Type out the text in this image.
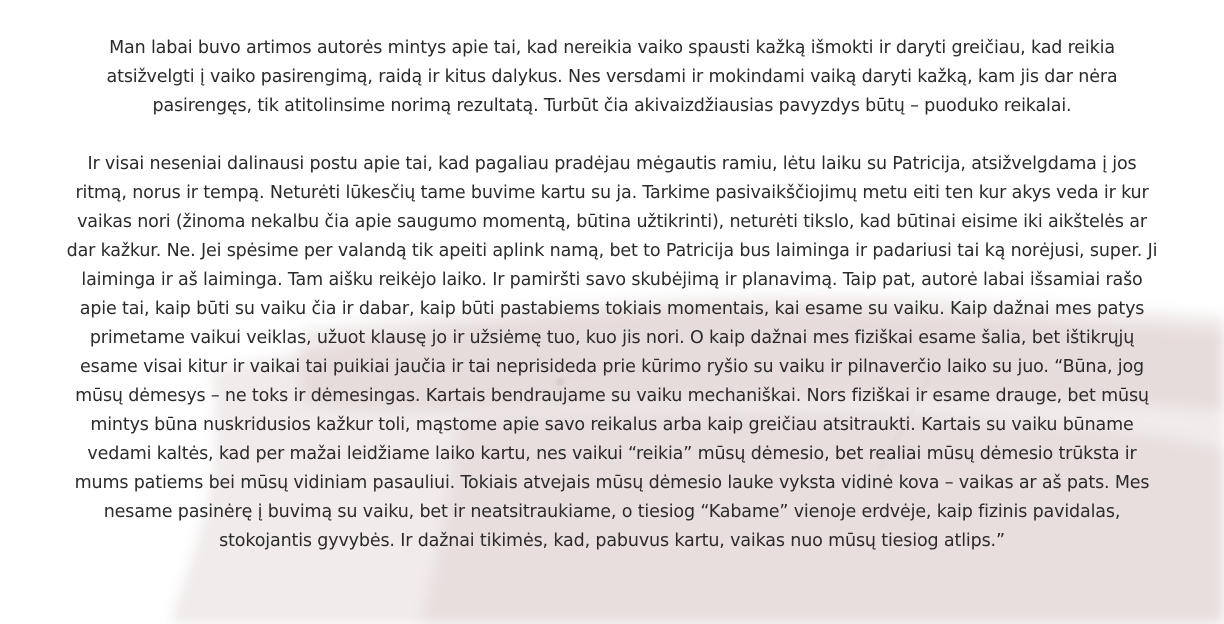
Man labai buvo artimos autorės mintys apie tai, kad nereikia vaiko spausti kažką išmokti ir daryti greičiau, kad reikia atsižvelgti į vaiko pasirengimą, raidą ir kitus dalykus. Nes versdami ir mokindami vaiką daryti kažką, kam jis dar nėra pasirengęs, tik atitolinsime norimą rezultatą. Turbūt čia akivaizdžiausias pavyzdys būtų – puoduko reikalai.

Ir visai neseniai dalinausi postu apie tai, kad pagaliau pradėjau mėgautis ramiu, lėtu laiku su Patricija, atsižvelgdama į jos ritmą, norus ir tempą. Neturėti lūkesčių tame buvime kartu su ja. Tarkime pasivaikščiojimų metu eiti ten kur akys veda ir kur vaikas nori (žinoma nekalbu čia apie saugumo momentą, būtina užtikrinti), neturėti tikslo, kad būtinai eisime iki aikštelės ar dar kažkur. Ne. Jei spėsime per valandą tik apeiti aplink namą, bet to Patricija bus laiminga ir padariusi tai ką norėjusi, super. Ji laiminga ir aš laiminga. Tam aišku reikėjo laiko. Ir pamiršti savo skubėjimą ir planavimą. Taip pat, autorė labai išsamiai rašo apie tai, kaip būti su vaiku čia ir dabar, kaip būti pastabiems tokiais momentais, kai esame su vaiku. Kaip dažnai mes patys primetame vaikui veiklas, užuot klausę jo ir užsiėmę tuo, kuo jis nori. O kaip dažnai mes fiziškai esame šalia, bet ištikrųjų esame visai kitur ir vaikai tai puikiai jaučia ir tai neprisideda prie kūrimo ryšio su vaiku ir pilnaverčio laiko su juo. “Būna, jog mūsų dėmesys – ne toks ir dėmesingas. Kartais bendraujame su vaiku mechaniškai. Nors fiziškai ir esame drauge, bet mūsų mintys būna nuskridusios kažkur toli, mąstome apie savo reikalus arba kaip greičiau atsitraukti. Kartais su vaiku būname vedami kaltės, kad per mažai leidžiame laiko kartu, nes vaikui “reikia” mūsų dėmesio, bet realiai mūsų dėmesio trūksta ir mums patiems bei mūsų vidiniam pasauliui. Tokiais atvejais mūsų dėmesio lauke vyksta vidinė kova – vaikas ar aš pats. Mes nesame pasinėrę į buvimą su vaiku, bet ir neatsitraukiame, o tiesiog “Kabame” vienoje erdvėje, kaip fizinis pavidalas, stokojantis gyvybės. Ir dažnai tikimės, kad, pabuvus kartu, vaikas nuo mūsų tiesiog atlips.”
